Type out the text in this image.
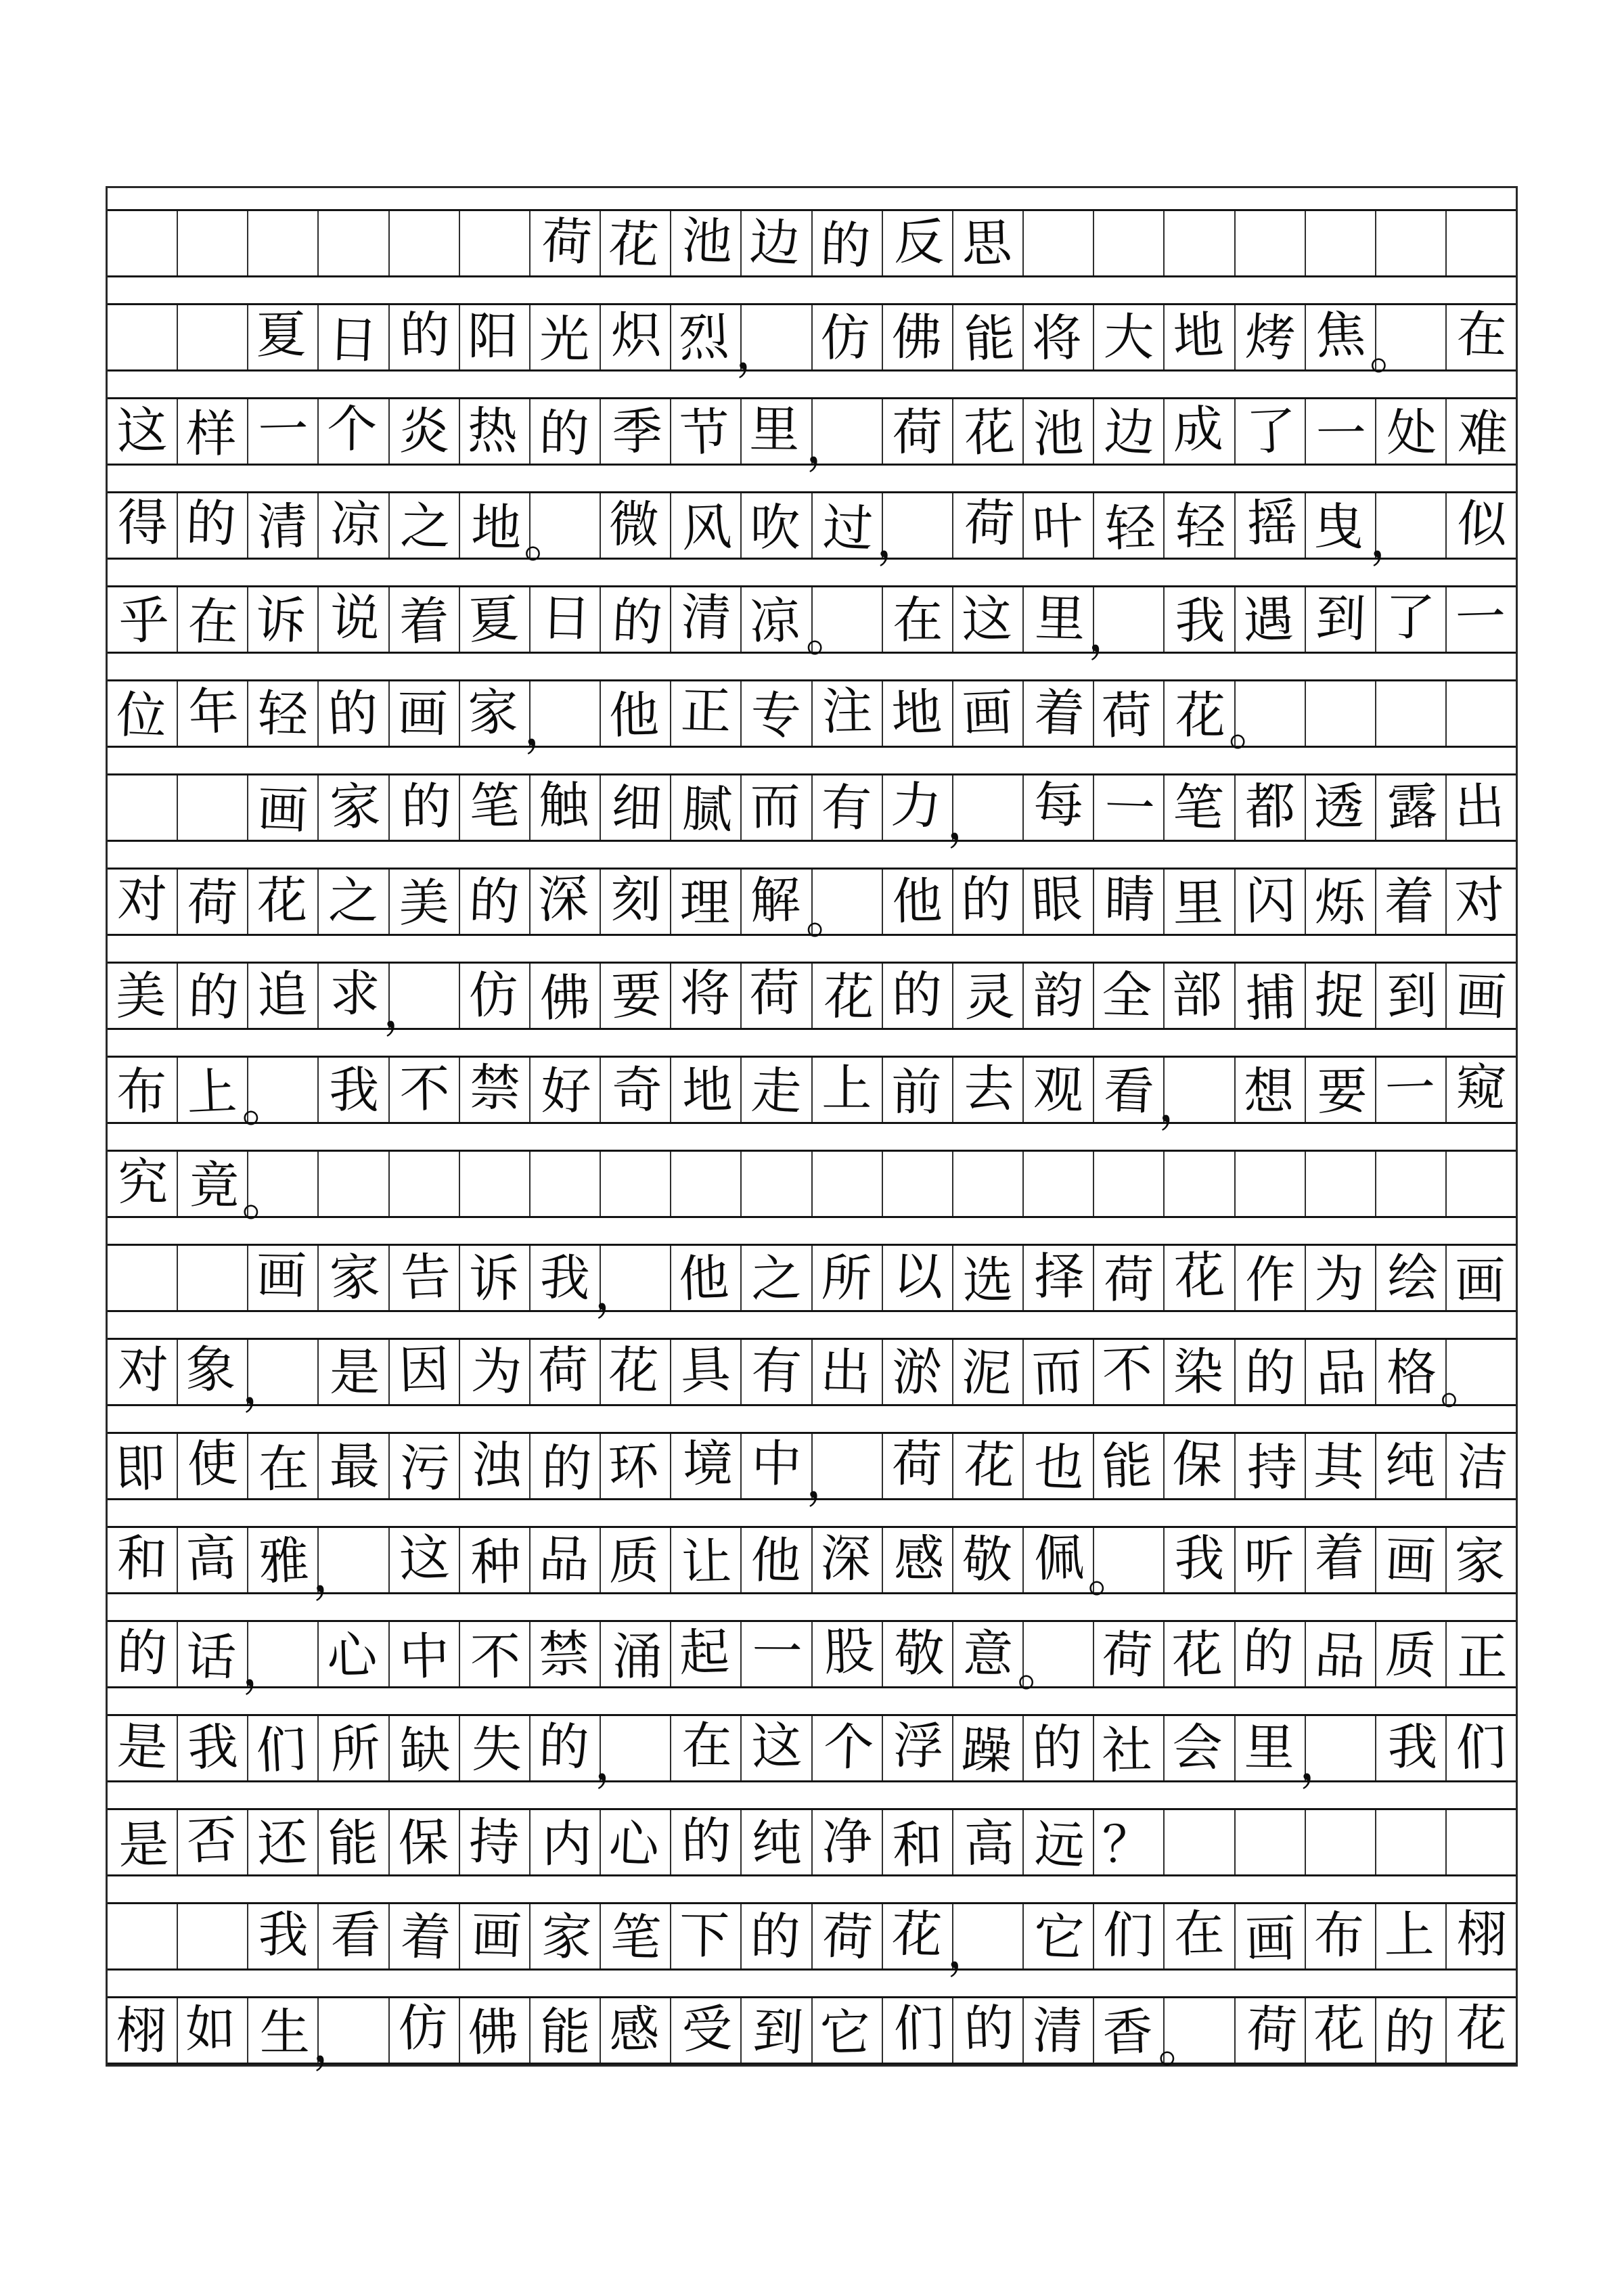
荷 花 池 边 的 反 思
夏 日 的 阳 光 炽 烈 ， 仿 佛 能 将 大 地 烤 焦 。 在
这 样 一 个 炎 热 的 季 节 里 ， 荷 花 池 边 成 了 一 处 难
得 的 清 凉 之 地 。 微 风 吹 过 ， 荷 叶 轻 轻 摇 曳 ， 似
乎 在 诉 说 着 夏 日 的 清 凉 。 在 这 里 ， 我 遇 到 了 一
位 年 轻 的 画 家 ， 他 正 专 注 地 画 着 荷 花 。
画 家 的 笔 触 细 腻 而 有 力 ， 每 一 笔 都 透 露 出
对 荷 花 之 美 的 深 刻 理 解 。 他 的 眼 睛 里 闪 烁 着 对
美 的 追 求 ， 仿 佛 要 将 荷 花 的 灵 韵 全 部 捕 捉 到 画
布 上 。 我 不 禁 好 奇 地 走 上 前 去 观 看 ， 想 要 一 窥
究 竟 。
画 家 告 诉 我 ， 他 之 所 以 选 择 荷 花 作 为 绘 画
对 象 ， 是 因 为 荷 花 具 有 出 淤 泥 而 不 染 的 品 格 。
即 使 在 最 污 浊 的 环 境 中 ， 荷 花 也 能 保 持 其 纯 洁
和 高 雅 ， 这 种 品 质 让 他 深 感 敬 佩 。 我 听 着 画 家
的 话 ， 心 中 不 禁 涌 起 一 股 敬 意 。 荷 花 的 品 质 正
是 我 们 所 缺 失 的 ， 在 这 个 浮 躁 的 社 会 里 ， 我 们
是 否 还 能 保 持 内 心 的 纯 净 和 高 远 ？
我 看 着 画 家 笔 下 的 荷 花 ， 它 们 在 画 布 上 栩
栩 如 生 ， 仿 佛 能 感 受 到 它 们 的 清 香 。 荷 花 的 花
